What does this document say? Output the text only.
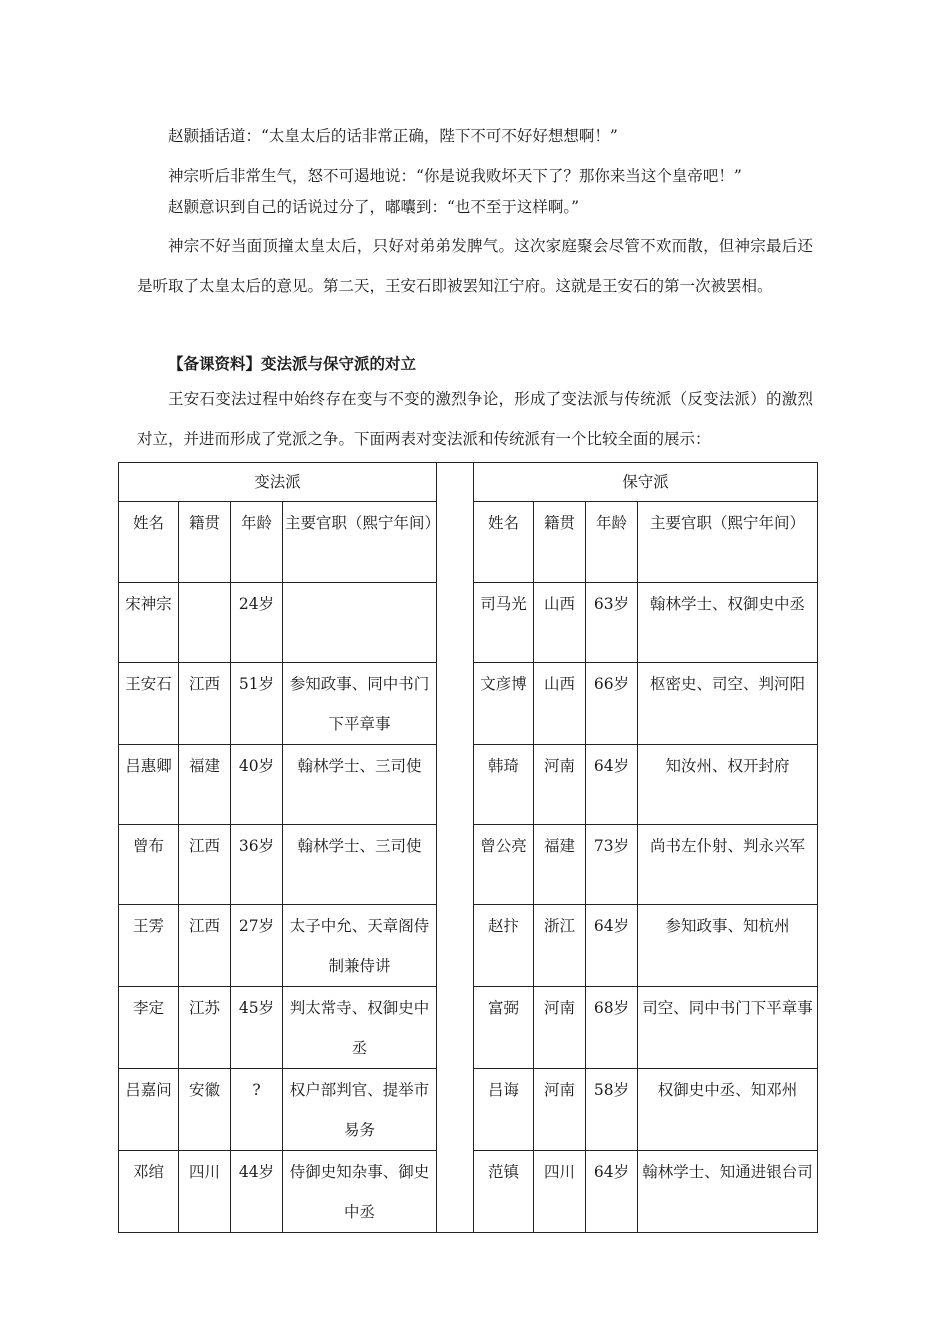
赵颢插话道：“太皇太后的话非常正确，陛下不可不好好想想啊！”

神宗听后非常生气，怒不可遏地说：“你是说我败坏天下了？那你来当这个皇帝吧！”

赵颢意识到自己的话说过分了，嘟囔到：“也不至于这样啊。”

神宗不好当面顶撞太皇太后，只好对弟弟发脾气。这次家庭聚会尽管不欢而散，但神宗最后还是听取了太皇太后的意见。第二天，王安石即被罢知江宁府。这就是王安石的第一次被罢相。

【备课资料】变法派与保守派的对立

王安石变法过程中始终存在变与不变的激烈争论，形成了变法派与传统派（反变法派）的激烈对立，并进而形成了党派之争。下面两表对变法派和传统派有一个比较全面的展示：

变法派					保守派			
姓名	籍贯	年龄	主要官职（熙宁年间）		姓名	籍贯	年龄	主要官职（熙宁年间）
宋神宗		24岁			司马光	山西	63岁	翰林学士、权御史中丞
王安石	江西	51岁	参知政事、同中书门下平章事		文彦博	山西	66岁	枢密史、司空、判河阳
吕惠卿	福建	40岁	翰林学士、三司使		韩琦	河南	64岁	知汝州、权开封府
曾布	江西	36岁	翰林学士、三司使		曾公亮	福建	73岁	尚书左仆射、判永兴军
王雱	江西	27岁	太子中允、天章阁侍制兼侍讲		赵抃	浙江	64岁	参知政事、知杭州
李定	江苏	45岁	判太常寺、权御史中丞		富弼	河南	68岁	司空、同中书门下平章事
吕嘉问	安徽	?	权户部判官、提举市易务		吕诲	河南	58岁	权御史中丞、知邓州
邓绾	四川	44岁	侍御史知杂事、御史中丞		范镇	四川	64岁	翰林学士、知通进银台司
